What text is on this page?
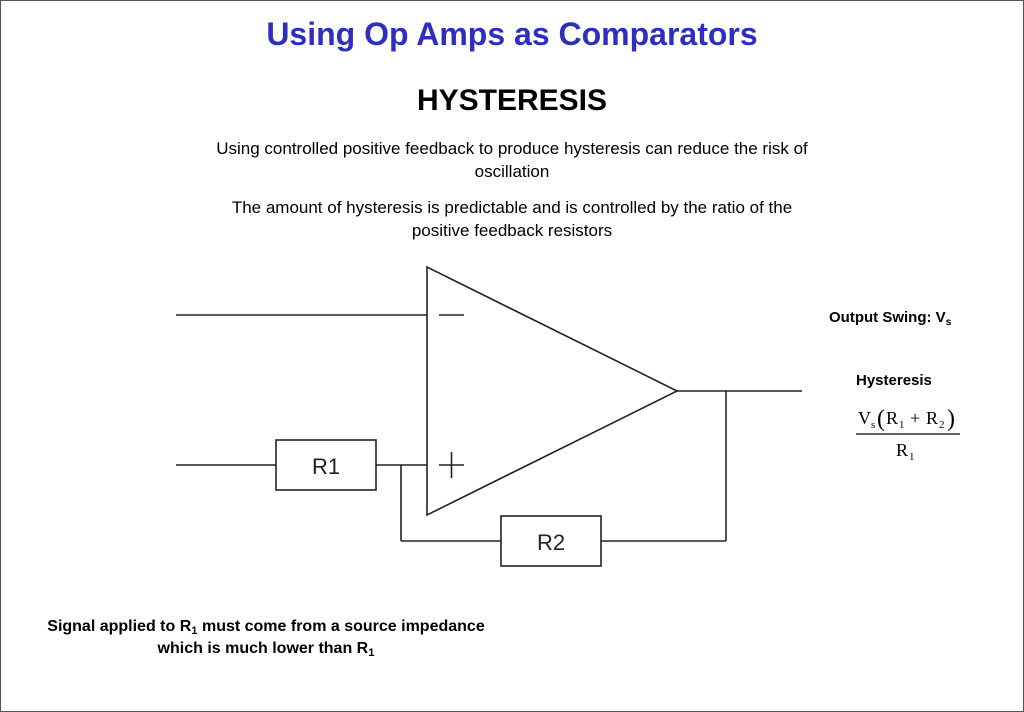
Using Op Amps as Comparators
HYSTERESIS
Using controlled positive feedback to produce hysteresis can reduce the risk of oscillation
The amount of hysteresis is predictable and is controlled by the ratio of the positive feedback resistors
R1
R2
V s ( R 1 + R 2 )
R 1
Output Swing: $V_s$
Hysteresis
Signal applied to $R_1$ must come from a source impedance which is much lower than $R_1$
